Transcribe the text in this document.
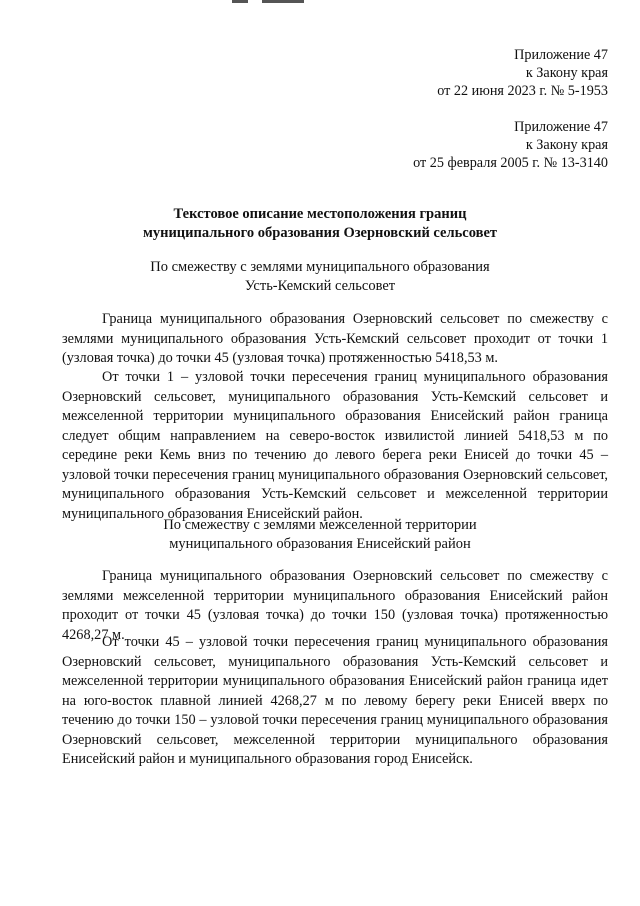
Приложение 47
к Закону края
от 22 июня 2023 г. № 5-1953
Приложение 47
к Закону края
от 25 февраля 2005 г. № 13-3140
Текстовое описание местоположения границ
муниципального образования Озерновский сельсовет
По смежеству с землями муниципального образования
Усть-Кемский сельсовет

Граница муниципального образования Озерновский сельсовет по смежеству с землями муниципального образования Усть-Кемский сельсовет проходит от точки 1 (узловая точка) до точки 45 (узловая точка) протяженностью 5418,53 м.

От точки 1 – узловой точки пересечения границ муниципального образования Озерновский сельсовет, муниципального образования Усть-Кемский сельсовет и межселенной территории муниципального образования Енисейский район граница следует общим направлением на северо-восток извилистой линией 5418,53 м по середине реки Кемь вниз по течению до левого берега реки Енисей до точки 45 – узловой точки пересечения границ муниципального образования Озерновский сельсовет, муниципального образования Усть-Кемский сельсовет и межселенной территории муниципального образования Енисейский район.

По смежеству с землями межселенной территории
муниципального образования Енисейский район

Граница муниципального образования Озерновский сельсовет по смежеству с землями межселенной территории муниципального образования Енисейский район проходит от точки 45 (узловая точка) до точки 150 (узловая точка) протяженностью 4268,27 м.

От точки 45 – узловой точки пересечения границ муниципального образования Озерновский сельсовет, муниципального образования Усть-Кемский сельсовет и межселенной территории муниципального образования Енисейский район граница идет на юго-восток плавной линией 4268,27 м по левому берегу реки Енисей вверх по течению до точки 150 – узловой точки пересечения границ муниципального образования Озерновский сельсовет, межселенной территории муниципального образования Енисейский район и муниципального образования город Енисейск.
